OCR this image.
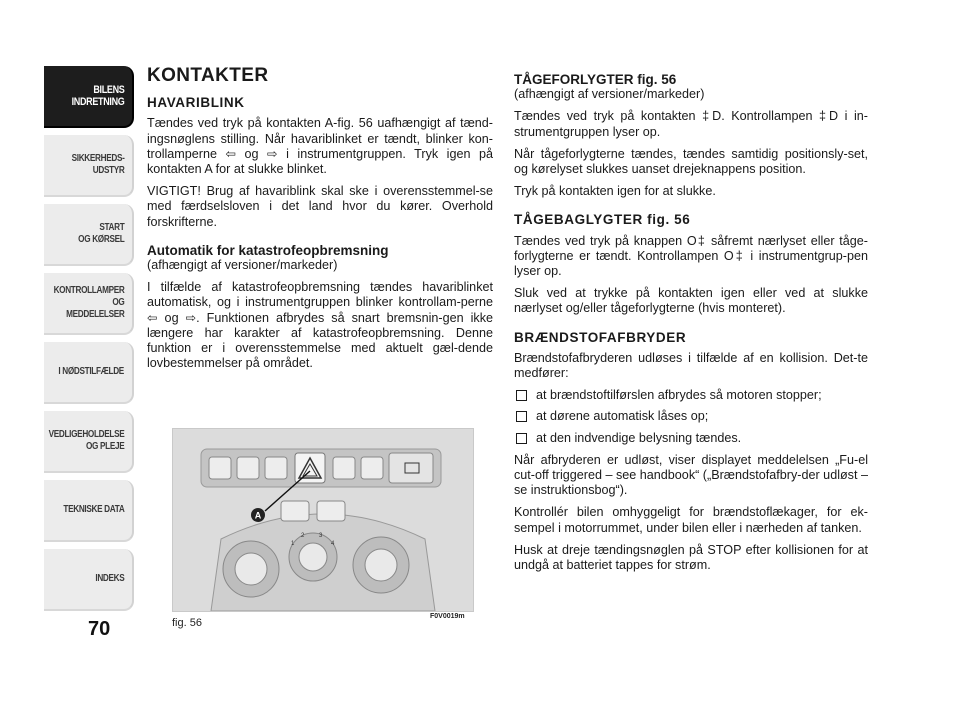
BILENS
INDRETNING
SIKKERHEDS-
UDSTYR
START
OG KØRSEL
KONTROLLAMPER
OG MEDDELELSER
I NØDSTILFÆLDE
VEDLIGEHOLDELSE
OG PLEJE
TEKNISKE DATA
INDEKS
70
KONTAKTER
HAVARIBLINK

Tændes ved tryk på kontakten A-fig. 56 uafhængigt af tænd-ingsnøglens stilling. Når havariblinket er tændt, blinker kon-trollamperne ⇦ og ⇨ i instrumentgruppen. Tryk igen på kontakten A for at slukke blinket.

VIGTIGT! Brug af havariblink skal ske i overensstemmel-se med færdselsloven i det land hvor du kører. Overhold forskrifterne.

Automatik for katastrofeopbremsning
(afhængigt af versioner/markeder)

I tilfælde af katastrofeopbremsning tændes havariblinket automatisk, og i instrumentgruppen blinker kontrollam-perne ⇦ og ⇨. Funktionen afbrydes så snart bremsnin-gen ikke længere har karakter af katastrofeopbremsning. Denne funktion er i overensstemmelse med aktuelt gæl-dende lovbestemmelser på området.

A
1
2 3
4
fig. 56
F0V0019m
TÅGEFORLYGTER fig. 56
(afhængigt af versioner/markeder)

Tændes ved tryk på kontakten ‡D. Kontrollampen ‡D i in-strumentgruppen lyser op.

Når tågeforlygterne tændes, tændes samtidig positionsly-set, og kørelyset slukkes uanset drejeknappens position.

Tryk på kontakten igen for at slukke.

TÅGEBAGLYGTER fig. 56

Tændes ved tryk på knappen O‡ såfremt nærlyset eller tåge-forlygterne er tændt. Kontrollampen O‡ i instrumentgrup-pen lyser op.

Sluk ved at trykke på kontakten igen eller ved at slukke nærlyset og/eller tågeforlygterne (hvis monteret).

BRÆNDSTOFAFBRYDER

Brændstofafbryderen udløses i tilfælde af en kollision. Det-te medfører:

at brændstoftilførslen afbrydes så motoren stopper;
at dørene automatisk låses op;
at den indvendige belysning tændes.

Når afbryderen er udløst, viser displayet meddelelsen „Fu-el cut-off triggered – see handbook“ („Brændstofafbry-der udløst – se instruktionsbog“).

Kontrollér bilen omhyggeligt for brændstoflækager, for ek-sempel i motorrummet, under bilen eller i nærheden af tanken.

Husk at dreje tændingsnøglen på STOP efter kollisionen for at undgå at batteriet tappes for strøm.
